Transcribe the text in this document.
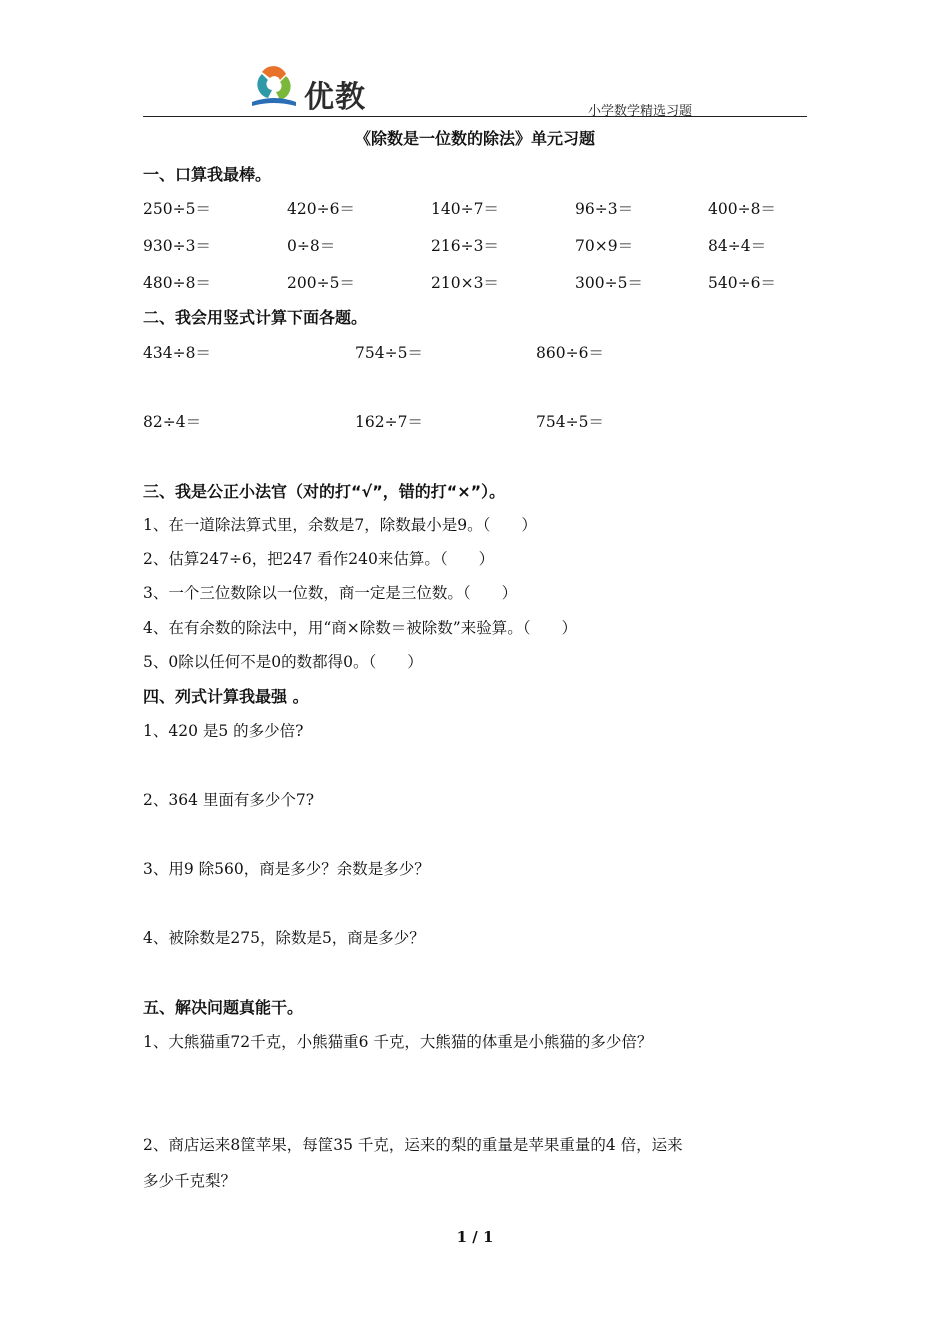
优教	小学数学精选习题
《除数是一位数的除法》单元习题
一、口算我最棒。
250÷5＝	420÷6＝	140÷7＝	96÷3＝	400÷8＝
930÷3＝	0÷8＝	216÷3＝	70×9＝	84÷4＝
480÷8＝	200÷5＝	210×3＝	300÷5＝	540÷6＝
二、我会用竖式计算下面各题。
434÷8＝	754÷5＝	860÷6＝
82÷4＝	162÷7＝	754÷5＝
三、我是公正小法官（对的打“√”，错的打“×”）。
1、在一道除法算式里，余数是7，除数最小是9。（　　）
2、估算247÷6，把247 看作240来估算。（　　）
3、一个三位数除以一位数，商一定是三位数。（　　）
4、在有余数的除法中，用“商×除数＝被除数”来验算。（　　）
5、0除以任何不是0的数都得0。（　　）
四、列式计算我最强 。
1、420 是5 的多少倍?
2、364 里面有多少个7?
3、用9 除560，商是多少？余数是多少？
4、被除数是275，除数是5，商是多少？
五、解决问题真能干。
1、大熊猫重72千克，小熊猫重6 千克，大熊猫的体重是小熊猫的多少倍？
2、商店运来8筐苹果，每筐35 千克，运来的梨的重量是苹果重量的4 倍，运来
多少千克梨？
1 / 1
